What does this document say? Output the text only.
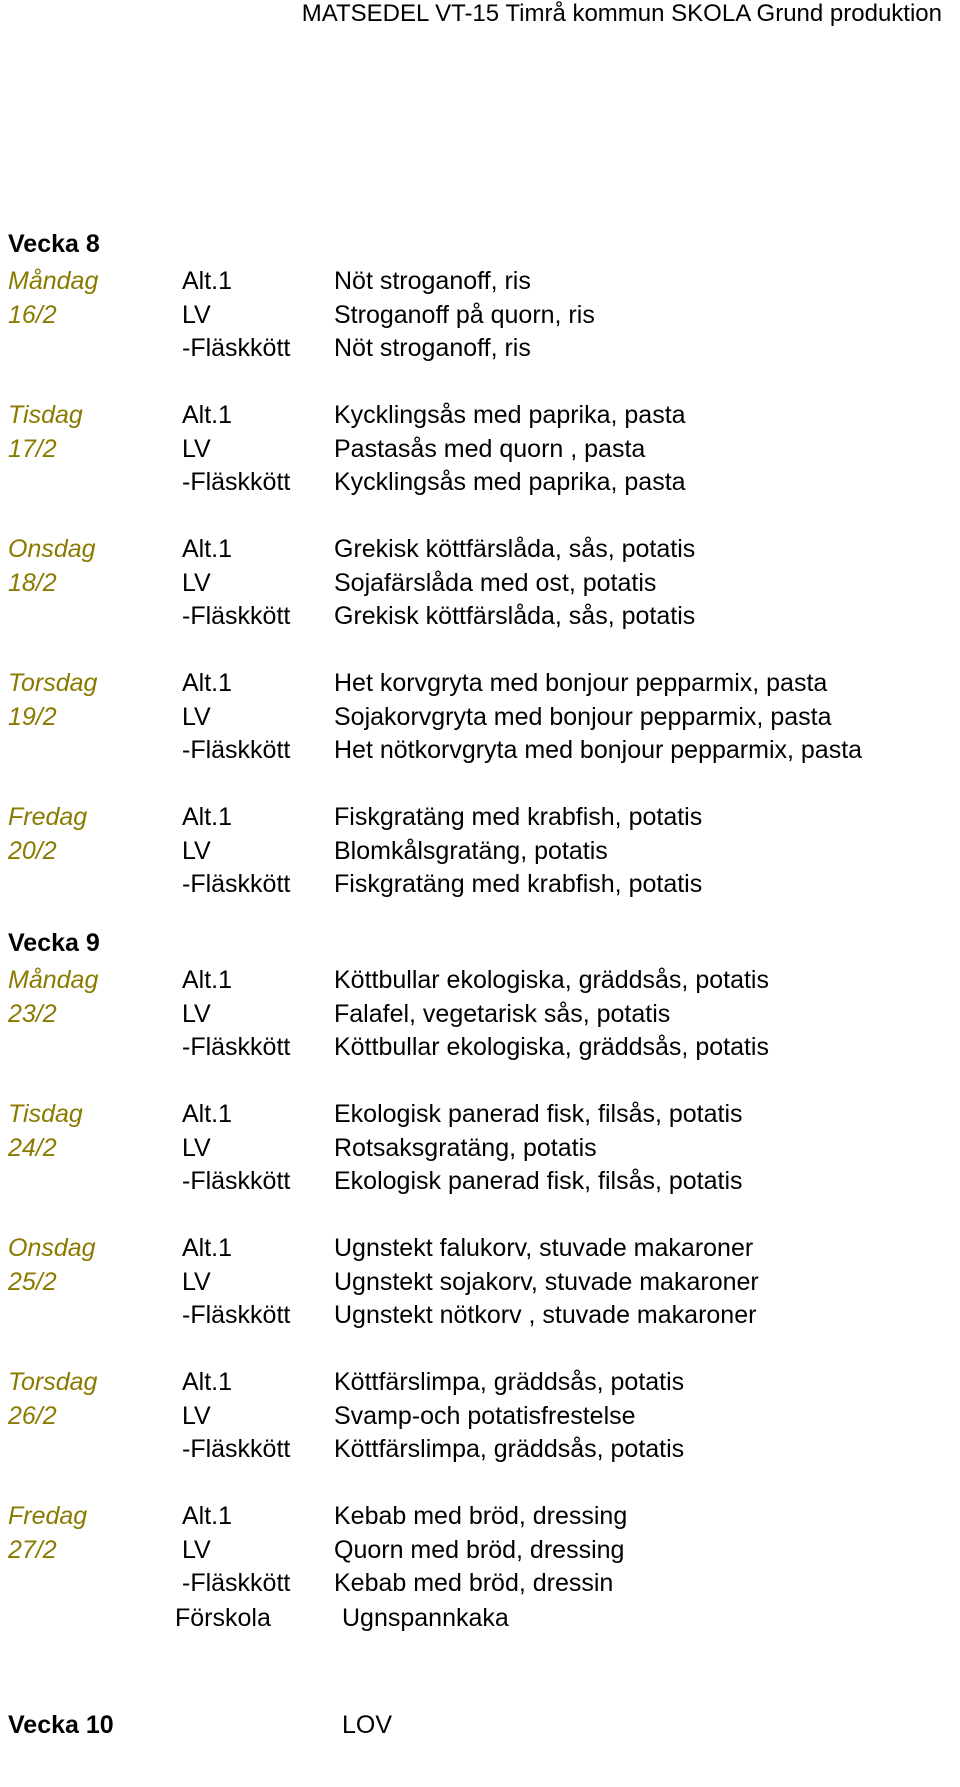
MATSEDEL VT-15 Timrå kommun SKOLA Grund produktion
Vecka 8
Måndag	Alt.1	Nöt stroganoff, ris
16/2	LV	Stroganoff på quorn, ris
-Fläskkött Nöt stroganoff, ris
Tisdag	Alt.1	Kycklingsås med paprika, pasta
17/2	LV	Pastasås med quorn , pasta
-Fläskkött Kycklingsås med paprika, pasta
Onsdag	Alt.1	Grekisk köttfärslåda, sås, potatis
18/2	LV	Sojafärslåda med ost, potatis
-Fläskkött Grekisk köttfärslåda, sås, potatis
Torsdag	Alt.1	Het korvgryta med bonjour pepparmix, pasta
19/2	LV	Sojakorvgryta med bonjour pepparmix, pasta
-Fläskkött Het nötkorvgryta med bonjour pepparmix, pasta
Fredag	Alt.1	Fiskgratäng med krabfish, potatis
20/2	LV	Blomkålsgratäng, potatis
-Fläskkött Fiskgratäng med krabfish, potatis
Vecka 9
Måndag	Alt.1	Köttbullar ekologiska, gräddsås, potatis
23/2	LV	Falafel, vegetarisk sås, potatis
-Fläskkött Köttbullar ekologiska, gräddsås, potatis
Tisdag	Alt.1	Ekologisk panerad fisk, filsås, potatis
24/2	LV	Rotsaksgratäng, potatis
-Fläskkött Ekologisk panerad fisk, filsås, potatis
Onsdag	Alt.1	Ugnstekt falukorv, stuvade makaroner
25/2	LV	Ugnstekt sojakorv, stuvade makaroner
-Fläskkött Ugnstekt nötkorv , stuvade makaroner
Torsdag	Alt.1	Köttfärslimpa, gräddsås, potatis
26/2	LV	Svamp-och potatisfrestelse
-Fläskkött Köttfärslimpa, gräddsås, potatis
Fredag	Alt.1	Kebab med bröd, dressing
27/2	LV	Quorn med bröd, dressing
-Fläskkött Kebab med bröd, dressin
Förskola	Ugnspannkaka
Vecka 10	LOV
